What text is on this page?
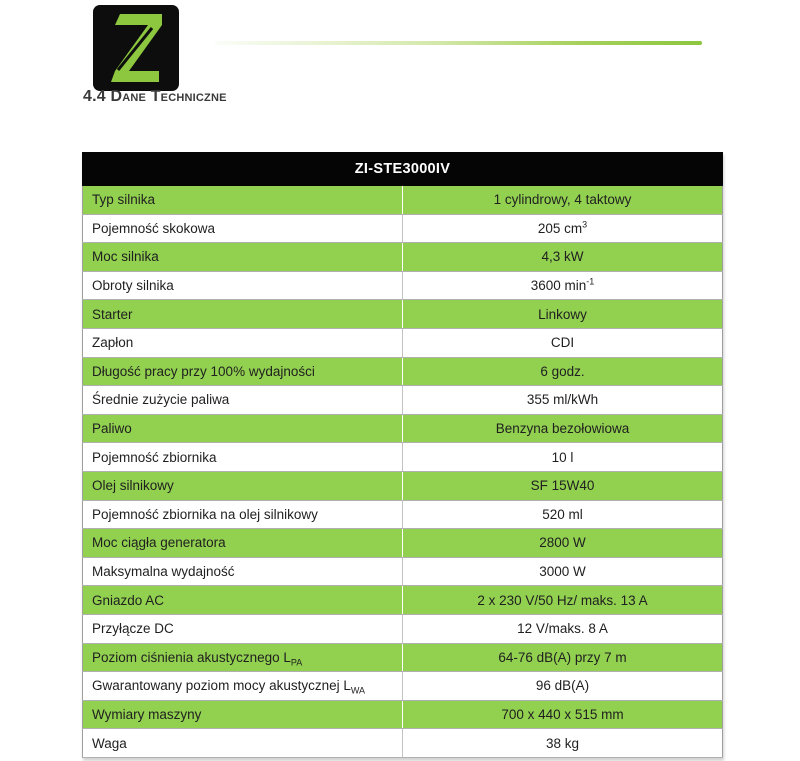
4.4 Dane Techniczne
ZI-STE3000IV	
Typ silnika	1 cylindrowy, 4 taktowy
Pojemność skokowa	205 $cm^3$
Moc silnika	4,3 kW
Obroty silnika	3600 $\min^{-1}$
Starter	Linkowy
Zapłon	CDI
Długość pracy przy 100% wydajności	6 godz.
Średnie zużycie paliwa	355 ml/kWh
Paliwo	Benzyna bezołowiowa
Pojemność zbiornika	10 l
Olej silnikowy	SF 15W40
Pojemność zbiornika na olej silnikowy	520 ml
Moc ciągła generatora	2800 W
Maksymalna wydajność	3000 W
Gniazdo AC	2 x 230 V/50 Hz/ maks. 13 A
Przyłącze DC	12 V/maks. 8 A
Poziom ciśnienia akustycznego $L_{PA}$	64-76 dB(A) przy 7 m
Gwarantowany poziom mocy akustycznej $L_{WA}$	96 dB(A)
Wymiary maszyny	700 x 440 x 515 mm
Waga	38 kg
